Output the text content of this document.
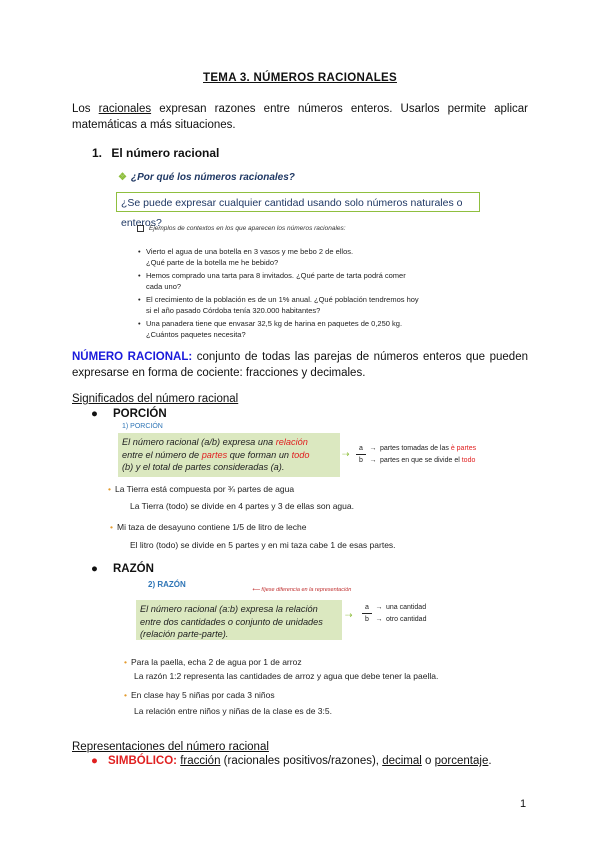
TEMA 3. NÚMEROS RACIONALES
Los racionales expresan razones entre números enteros. Usarlos permite aplicar matemáticas a más situaciones.
1. El número racional
❖ ¿Por qué los números racionales?
¿Se puede expresar cualquier cantidad usando solo números naturales o enteros?
Ejemplos de contextos en los que aparecen los números racionales:
• Vierto el agua de una botella en 3 vasos y me bebo 2 de ellos.
¿Qué parte de la botella me he bebido?
• Hemos comprado una tarta para 8 invitados. ¿Qué parte de tarta podrá comer
cada uno?
• El crecimiento de la población es de un 1% anual. ¿Qué población tendremos hoy
si el año pasado Córdoba tenía 320.000 habitantes?
• Una panadera tiene que envasar 32,5 kg de harina en paquetes de 0,250 kg.
¿Cuántos paquetes necesita?
NÚMERO RACIONAL: conjunto de todas las parejas de números enteros que pueden expresarse en forma de cociente: fracciones y decimales.
Significados del número racional
● PORCIÓN
1) PORCIÓN
El número racional (a/b) expresa una relación
entre el número de partes que forman un todo
(b) y el total de partes consideradas (a).
⇢
a → partes tomadas de las è partes
b → partes en que se divide el todo
• La Tierra está compuesta por ¾ partes de agua
La Tierra (todo) se divide en 4 partes y 3 de ellas son agua.
• Mi taza de desayuno contiene 1/5 de litro de leche
El litro (todo) se divide en 5 partes y en mi taza cabe 1 de esas partes.
● RAZÓN
2) RAZÓN
⟵ fíjese diferencia en la representación
El número racional (a:b) expresa la relación
entre dos cantidades o conjunto de unidades
(relación parte-parte).
⇢
a → una cantidad
b → otro cantidad
• Para la paella, echa 2 de agua por 1 de arroz
La razón 1:2 representa las cantidades de arroz y agua que debe tener la paella.
• En clase hay 5 niñas por cada 3 niños
La relación entre niños y niñas de la clase es de 3:5.
Representaciones del número racional
● SIMBÓLICO: fracción (racionales positivos/razones), decimal o porcentaje.
1
